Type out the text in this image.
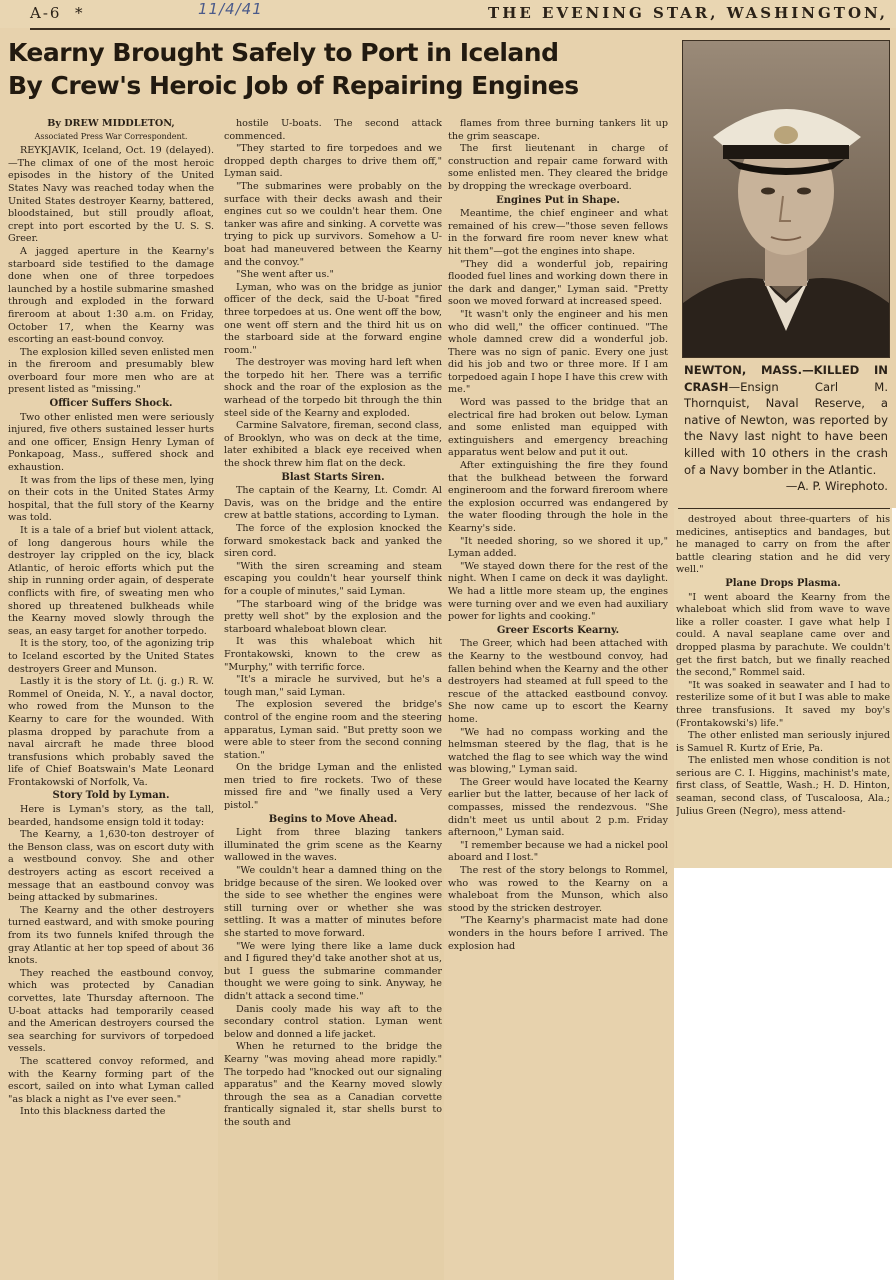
A-6 *	11/4/41	THE EVENING STAR, WASHINGTON,
Kearny Brought Safely to Port in Iceland
By Crew's Heroic Job of Repairing Engines
By DREW MIDDLETON,
Associated Press War Correspondent.

REYKJAVIK, Iceland, Oct. 19 (delayed).—The climax of one of the most heroic episodes in the history of the United States Navy was reached today when the United States destroyer Kearny, battered, bloodstained, but still proudly afloat, crept into port escorted by the U. S. S. Greer.

A jagged aperture in the Kearny's starboard side testified to the damage done when one of three torpedoes launched by a hostile submarine smashed through and exploded in the forward fireroom at about 1:30 a.m. on Friday, October 17, when the Kearny was escorting an east-bound convoy.

The explosion killed seven enlisted men in the fireroom and presumably blew overboard four more men who are at present listed as "missing."

Officer Suffers Shock.

Two other enlisted men were seriously injured, five others sustained lesser hurts and one officer, Ensign Henry Lyman of Ponkapoag, Mass., suffered shock and exhaustion.

It was from the lips of these men, lying on their cots in the United States Army hospital, that the full story of the Kearny was told.

It is a tale of a brief but violent attack, of long dangerous hours while the destroyer lay crippled on the icy, black Atlantic, of heroic efforts which put the ship in running order again, of desperate conflicts with fire, of sweating men who shored up threatened bulkheads while the Kearny moved slowly through the seas, an easy target for another torpedo.

It is the story, too, of the agonizing trip to Iceland escorted by the United States destroyers Greer and Munson.

Lastly it is the story of Lt. (j. g.) R. W. Rommel of Oneida, N. Y., a naval doctor, who rowed from the Munson to the Kearny to care for the wounded. With plasma dropped by parachute from a naval aircraft he made three blood transfusions which probably saved the life of Chief Boatswain's Mate Leonard Frontakowski of Norfolk, Va.

Story Told by Lyman.

Here is Lyman's story, as the tall, bearded, handsome ensign told it today:

The Kearny, a 1,630-ton destroyer of the Benson class, was on escort duty with a westbound convoy. She and other destroyers acting as escort received a message that an eastbound convoy was being attacked by submarines.

The Kearny and the other destroyers turned eastward, and with smoke pouring from its two funnels knifed through the gray Atlantic at her top speed of about 36 knots.

They reached the eastbound convoy, which was protected by Canadian corvettes, late Thursday afternoon. The U-boat attacks had temporarily ceased and the American destroyers coursed the sea searching for survivors of torpedoed vessels.

The scattered convoy reformed, and with the Kearny forming part of the escort, sailed on into what Lyman called "as black a night as I've ever seen."

Into this blackness darted the

hostile U-boats. The second attack commenced.

"They started to fire torpedoes and we dropped depth charges to drive them off," Lyman said.

"The submarines were probably on the surface with their decks awash and their engines cut so we couldn't hear them. One tanker was afire and sinking. A corvette was trying to pick up survivors. Somehow a U-boat had maneuvered between the Kearny and the convoy."

"She went after us."

Lyman, who was on the bridge as junior officer of the deck, said the U-boat "fired three torpedoes at us. One went off the bow, one went off stern and the third hit us on the starboard side at the forward engine room."

The destroyer was moving hard left when the torpedo hit her. There was a terrific shock and the roar of the explosion as the warhead of the torpedo bit through the thin steel side of the Kearny and exploded.

Carmine Salvatore, fireman, second class, of Brooklyn, who was on deck at the time, later exhibited a black eye received when the shock threw him flat on the deck.

Blast Starts Siren.

The captain of the Kearny, Lt. Comdr. Al Davis, was on the bridge and the entire crew at battle stations, according to Lyman.

The force of the explosion knocked the forward smokestack back and yanked the siren cord.

"With the siren screaming and steam escaping you couldn't hear yourself think for a couple of minutes," said Lyman.

"The starboard wing of the bridge was pretty well shot" by the explosion and the starboard whaleboat blown clear.

It was this whaleboat which hit Frontakowski, known to the crew as "Murphy," with terrific force.

"It's a miracle he survived, but he's a tough man," said Lyman.

The explosion severed the bridge's control of the engine room and the steering apparatus, Lyman said. "But pretty soon we were able to steer from the second conning station."

On the bridge Lyman and the enlisted men tried to fire rockets. Two of these missed fire and "we finally used a Very pistol."

Begins to Move Ahead.

Light from three blazing tankers illuminated the grim scene as the Kearny wallowed in the waves.

"We couldn't hear a damned thing on the bridge because of the siren. We looked over the side to see whether the engines were still turning over or whether she was settling. It was a matter of minutes before she started to move forward.

"We were lying there like a lame duck and I figured they'd take another shot at us, but I guess the submarine commander thought we were going to sink. Anyway, he didn't attack a second time."

Danis cooly made his way aft to the secondary control station. Lyman went below and donned a life jacket.

When he returned to the bridge the Kearny "was moving ahead more rapidly." The torpedo had "knocked out our signaling apparatus" and the Kearny moved slowly through the sea as a Canadian corvette frantically signaled it, star shells burst to the south and

flames from three burning tankers lit up the grim seascape.

The first lieutenant in charge of construction and repair came forward with some enlisted men. They cleared the bridge by dropping the wreckage overboard.

Engines Put in Shape.

Meantime, the chief engineer and what remained of his crew—"those seven fellows in the forward fire room never knew what hit them"—got the engines into shape.

"They did a wonderful job, repairing flooded fuel lines and working down there in the dark and danger," Lyman said. "Pretty soon we moved forward at increased speed.

"It wasn't only the engineer and his men who did well," the officer continued. "The whole damned crew did a wonderful job. There was no sign of panic. Every one just did his job and two or three more. If I am torpedoed again I hope I have this crew with me."

Word was passed to the bridge that an electrical fire had broken out below. Lyman and some enlisted man equipped with extinguishers and emergency breaching apparatus went below and put it out.

After extinguishing the fire they found that the bulkhead between the forward engineroom and the forward fireroom where the explosion occurred was endangered by the water flooding through the hole in the Kearny's side.

"It needed shoring, so we shored it up," Lyman added.

"We stayed down there for the rest of the night. When I came on deck it was daylight. We had a little more steam up, the engines were turning over and we even had auxiliary power for lights and cooking."

Greer Escorts Kearny.

The Greer, which had been attached with the Kearny to the westbound convoy, had fallen behind when the Kearny and the other destroyers had steamed at full speed to the rescue of the attacked eastbound convoy. She now came up to escort the Kearny home.

"We had no compass working and the helmsman steered by the flag, that is he watched the flag to see which way the wind was blowing," Lyman said.

The Greer would have located the Kearny earlier but the latter, because of her lack of compasses, missed the rendezvous. "She didn't meet us until about 2 p.m. Friday afternoon," Lyman said.

"I remember because we had a nickel pool aboard and I lost."

The rest of the story belongs to Rommel, who was rowed to the Kearny on a whaleboat from the Munson, which also stood by the stricken destroyer.

"The Kearny's pharmacist mate had done wonders in the hours before I arrived. The explosion had

NEWTON, MASS.—KILLED IN CRASH—Ensign Carl M. Thornquist, Naval Reserve, a native of Newton, was reported by the Navy last night to have been killed with 10 others in the crash of a Navy bomber in the Atlantic.
—A. P. Wirephoto.

destroyed about three-quarters of his medicines, antiseptics and bandages, but he managed to carry on from the after battle clearing station and he did very well."

Plane Drops Plasma.

"I went aboard the Kearny from the whaleboat which slid from wave to wave like a roller coaster. I gave what help I could. A naval seaplane came over and dropped plasma by parachute. We couldn't get the first batch, but we finally reached the second," Rommel said.

"It was soaked in seawater and I had to resterilize some of it but I was able to make three transfusions. It saved my boy's (Frontakowski's) life."

The other enlisted man seriously injured is Samuel R. Kurtz of Erie, Pa.

The enlisted men whose condition is not serious are C. I. Higgins, machinist's mate, first class, of Seattle, Wash.; H. D. Hinton, seaman, second class, of Tuscaloosa, Ala.; Julius Green (Negro), mess attend-
